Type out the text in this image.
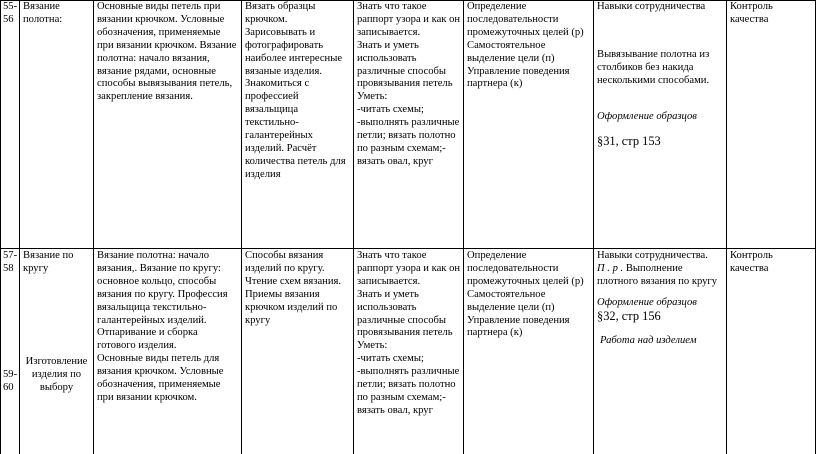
55-
56
Вязание
полотна:
Основные виды петель при
вязании крючком. Условные
обозначения, применяемые
при вязании крючком. Вязание
полотна: начало вязания,
вязание рядами, основные
способы вывязывания петель,
закрепление вязания.
Вязать образцы
крючком.
Зарисовывать и
фотографировать
наиболее интересные
вязаные изделия.
Знакомиться с
профессией
вязальщица
текстильно-
галантерейных
изделий. Расчёт
количества петель для
изделия
Знать что такое
раппорт узора и как он
записывается.
Знать и уметь
использовать
различные способы
провязывания петель
Уметь:
-читать схемы;
-выполнять различные
петли; вязать полотно
по разным схемам;-
вязать овал, круг
Определение
последовательности
промежуточных целей (р)
Самостоятельное
выделение цели (п)
Управление поведения
партнера (к)
Навыки сотрудничества
Вывязывание полотна из
столбиков без накида
несколькими способами.
Оформление образцов
§31, стр 153
Контроль
качества
57-
58
59-
60
Вязание по
кругу
Изготовление
изделия по
выбору
Вязание полотна: начало
вязания,. Вязание по кругу:
основное кольцо, способы
вязания по кругу. Профессия
вязальщица текстильно-
галантерейных изделий.
Отпаривание и сборка
готового изделия.
Основные виды петель для
вязания крючком. Условные
обозначения, применяемые
при вязании крючком.
Способы вязания
изделий по кругу.
Чтение схем вязания.
Приемы вязания
крючком изделий по
кругу
Знать что такое
раппорт узора и как он
записывается.
Знать и уметь
использовать
различные способы
провязывания петель
Уметь:
-читать схемы;
-выполнять различные
петли; вязать полотно
по разным схемам;-
вязать овал, круг
Определение
последовательности
промежуточных целей (р)
Самостоятельное
выделение цели (п)
Управление поведения
партнера (к)
Навыки сотрудничества.
П . р . Выполнение
плотного вязания по кругу
Оформление образцов
§32, стр 156
Работа над изделием
Контроль
качества
